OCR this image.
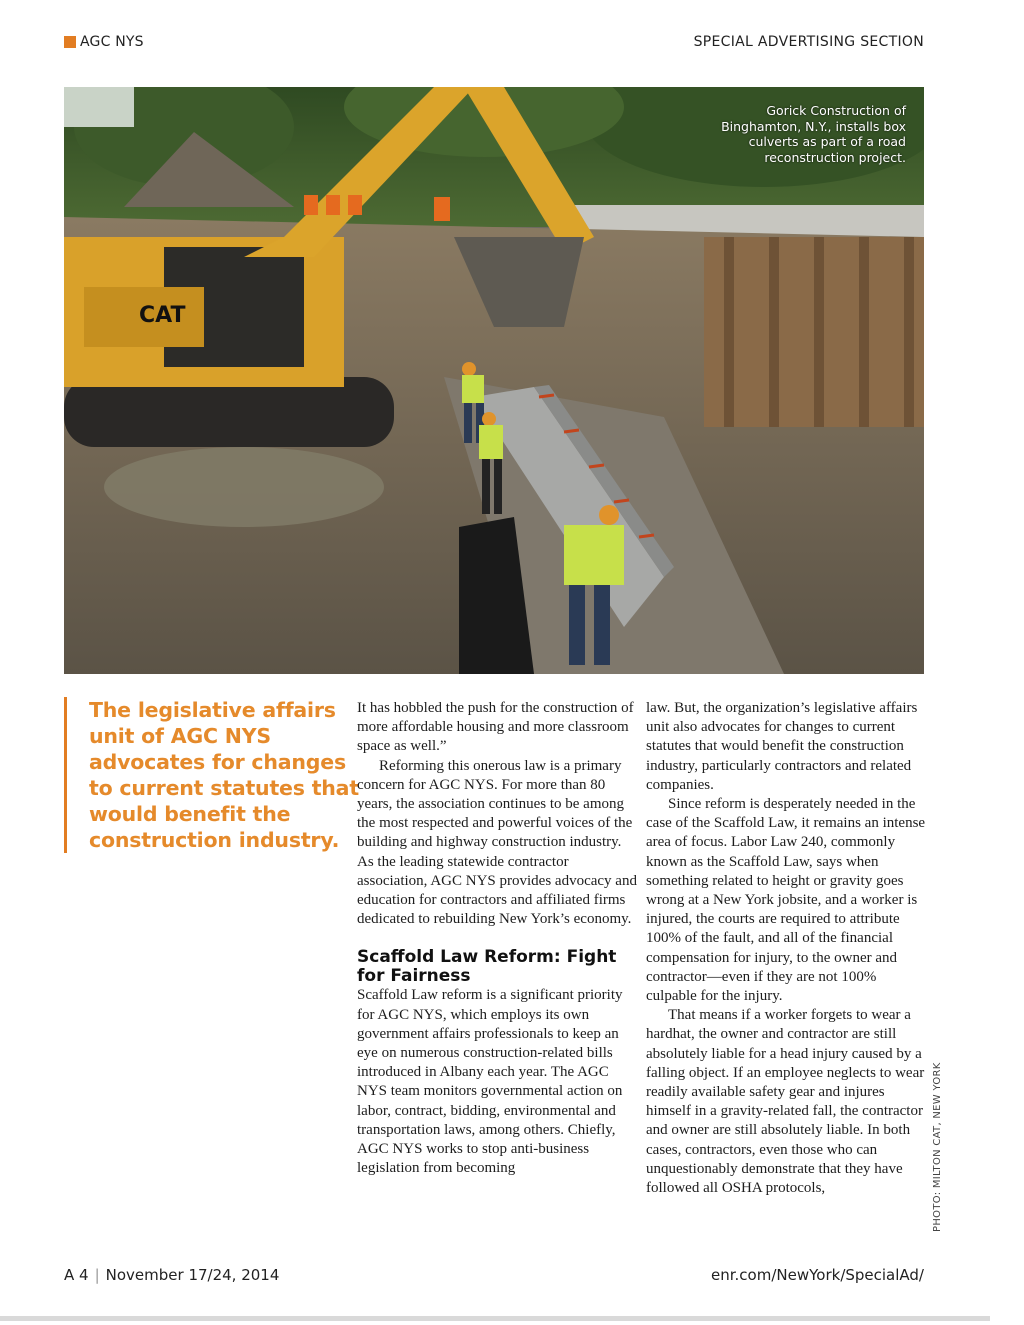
AGC NYS	SPECIAL ADVERTISING SECTION
CAT
Gorick Construction of Binghamton, N.Y., installs box culverts as part of a road reconstruction project.
The legislative affairs unit of AGC NYS advocates for changes to current statutes that would benefit the construction industry.

It has hobbled the push for the construction of more affordable housing and more classroom space as well.”

Reforming this onerous law is a primary concern for AGC NYS. For more than 80 years, the association continues to be among the most respected and powerful voices of the building and highway construction industry. As the leading statewide contractor association, AGC NYS provides advocacy and education for contractors and affiliated firms dedicated to rebuilding New York’s economy.

Scaffold Law Reform: Fight for Fairness

Scaffold Law reform is a significant priority for AGC NYS, which employs its own government affairs professionals to keep an eye on numerous construction-related bills introduced in Albany each year. The AGC NYS team monitors governmental action on labor, contract, bidding, environmental and transportation laws, among others. Chiefly, AGC NYS works to stop anti-business legislation from becoming

law. But, the organization’s legislative affairs unit also advocates for changes to current statutes that would benefit the construction industry, particularly contractors and related companies.

Since reform is desperately needed in the case of the Scaffold Law, it remains an intense area of focus. Labor Law 240, commonly known as the Scaffold Law, says when something related to height or gravity goes wrong at a New York jobsite, and a worker is injured, the courts are required to attribute 100% of the fault, and all of the financial compensation for injury, to the owner and contractor—even if they are not 100% culpable for the injury.

That means if a worker forgets to wear a hardhat, the owner and contractor are still absolutely liable for a head injury caused by a falling object. If an employee neglects to wear readily available safety gear and injures himself in a gravity-related fall, the contractor and owner are still absolutely liable. In both cases, contractors, even those who can unquestionably demonstrate that they have followed all OSHA protocols,	PHOTO: MILTON CAT, NEW YORK
A 4 | November 17/24, 2014	enr.com/NewYork/SpecialAd/
